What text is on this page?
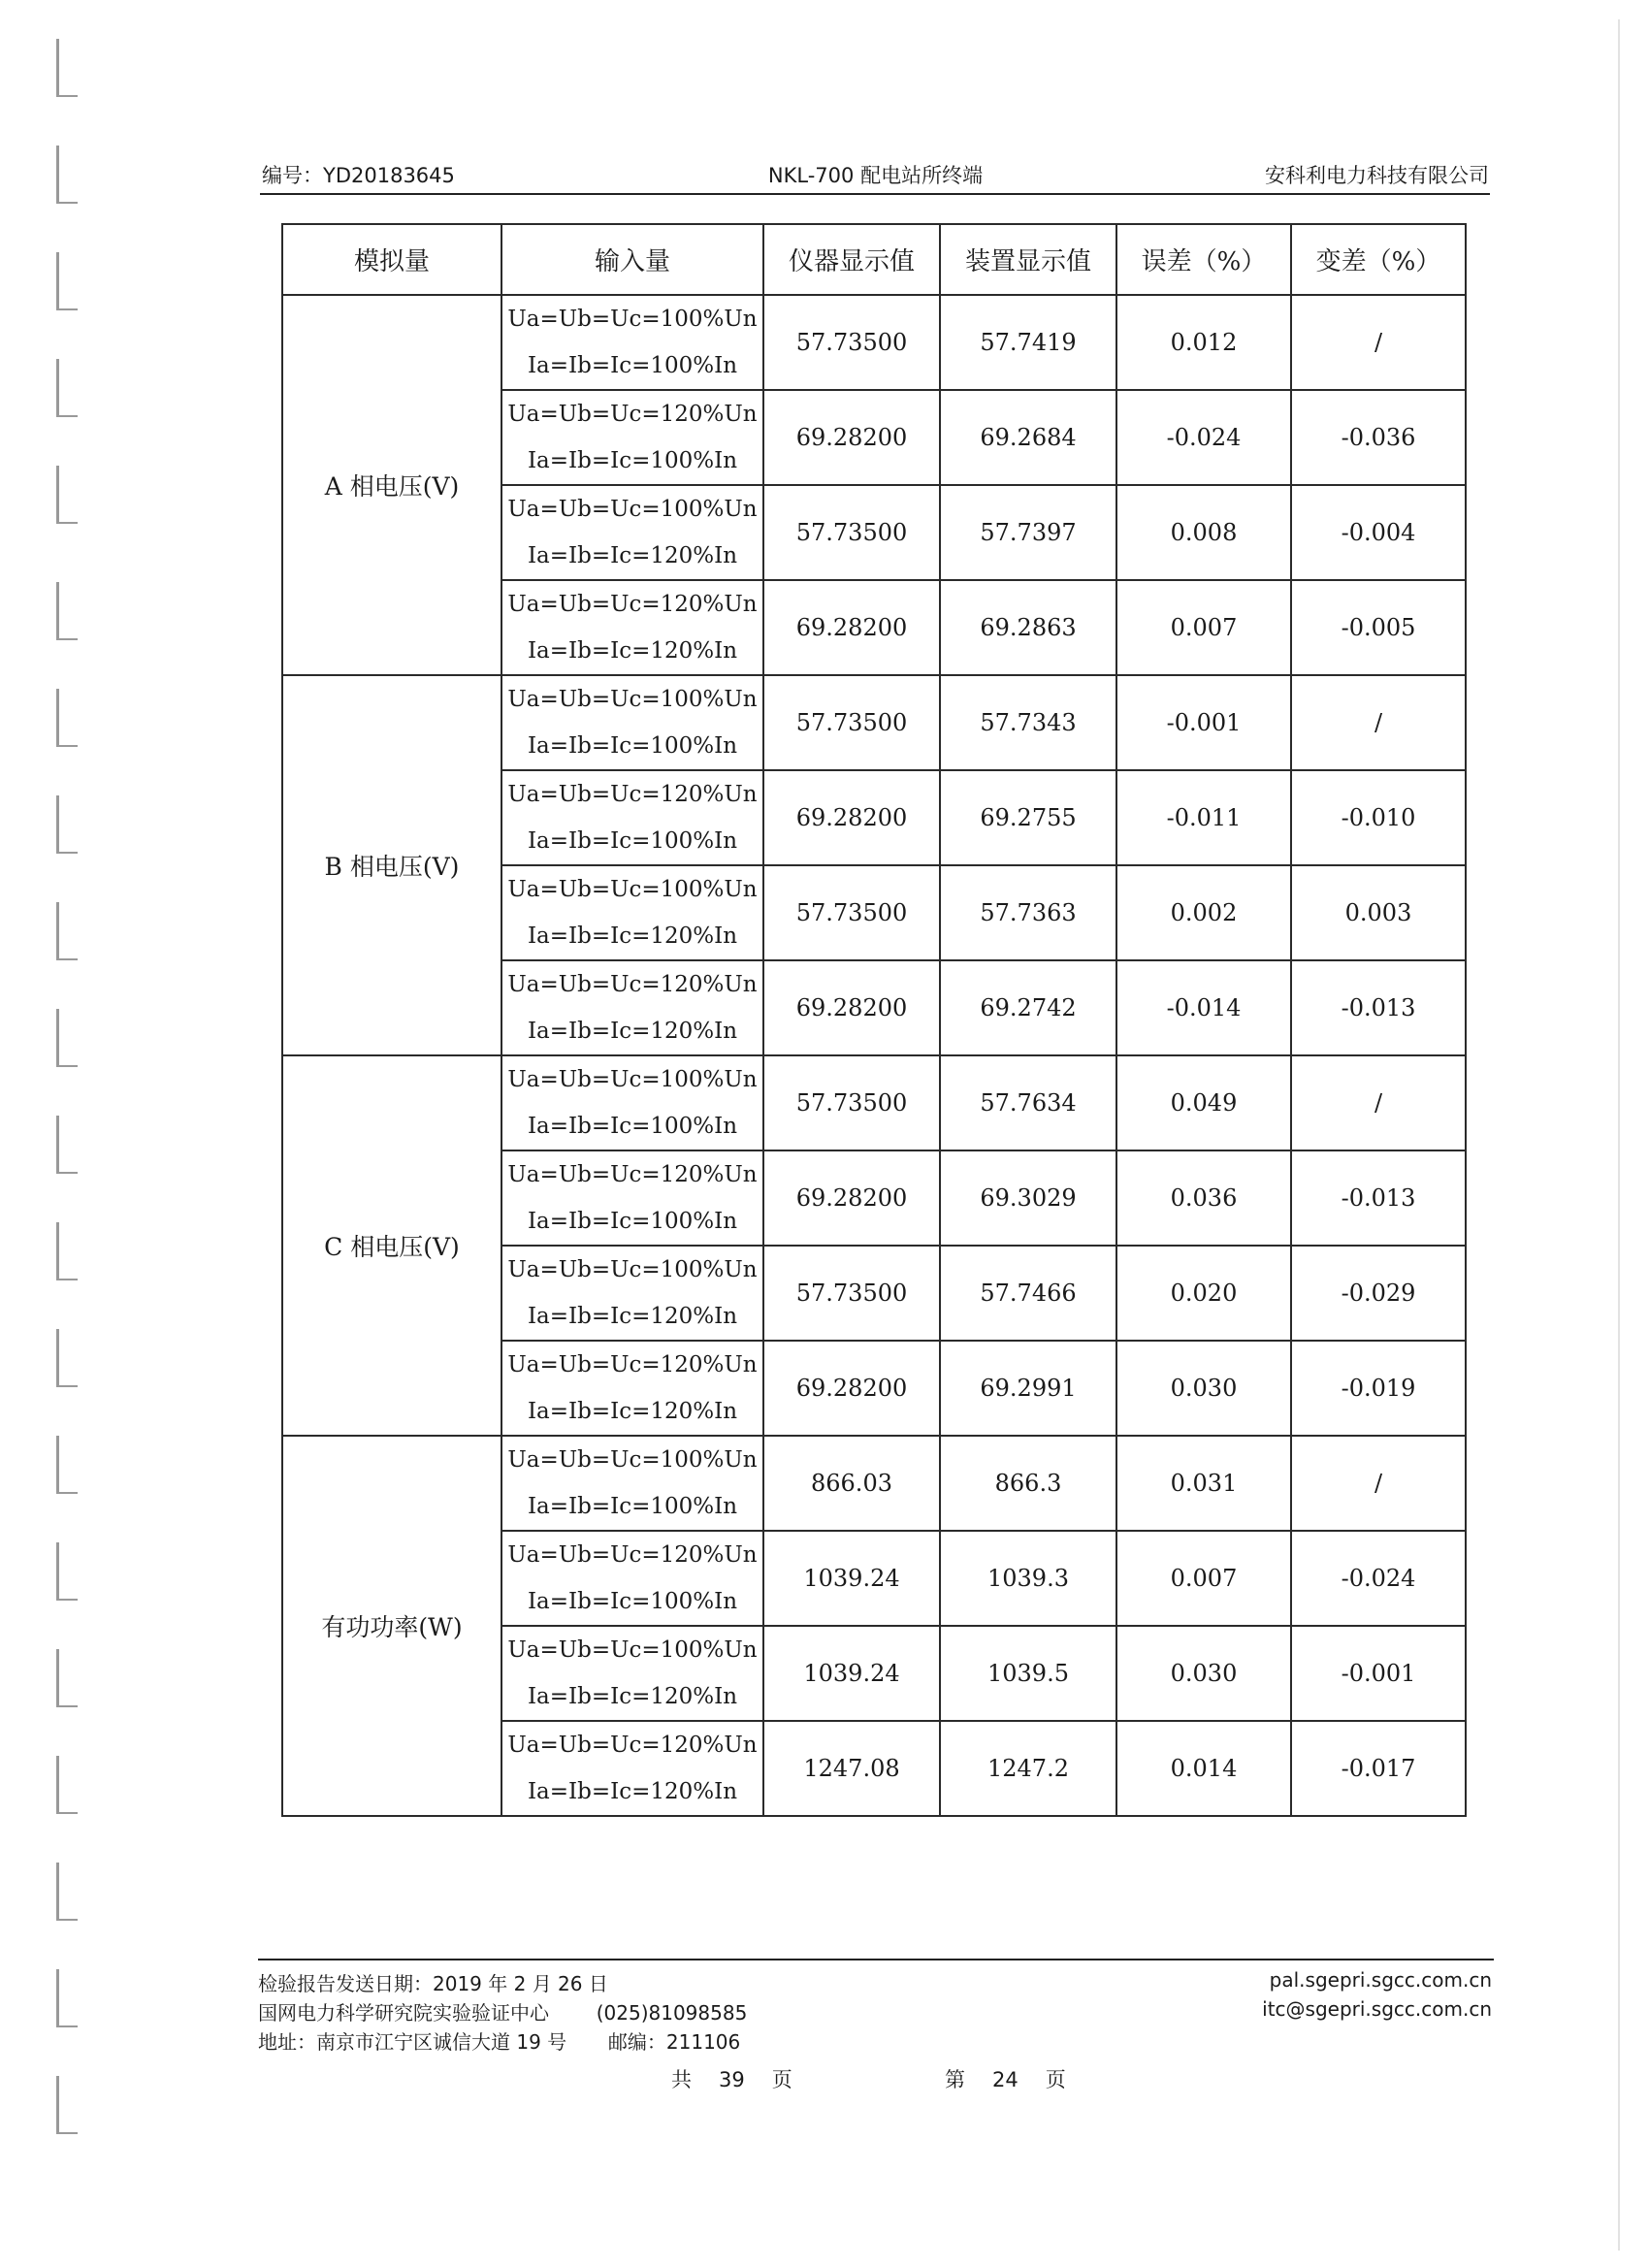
编号：YD20183645	NKL-700 配电站所终端	安科利电力科技有限公司
模拟量	输入量	仪器显示值	装置显示值	误差（%）	变差（%）
A 相电压(V)	Ua=Ub=Uc=100%Un
Ia=Ib=Ic=100%In	57.73500	57.7419	0.012	/

	Ua=Ub=Uc=120%Un
Ia=Ib=Ic=100%In	69.28200	69.2684	-0.024	-0.036

	Ua=Ub=Uc=100%Un
Ia=Ib=Ic=120%In	57.73500	57.7397	0.008	-0.004

	Ua=Ub=Uc=120%Un
Ia=Ib=Ic=120%In	69.28200	69.2863	0.007	-0.005
B 相电压(V)	Ua=Ub=Uc=100%Un
Ia=Ib=Ic=100%In	57.73500	57.7343	-0.001	/

	Ua=Ub=Uc=120%Un
Ia=Ib=Ic=100%In	69.28200	69.2755	-0.011	-0.010

	Ua=Ub=Uc=100%Un
Ia=Ib=Ic=120%In	57.73500	57.7363	0.002	0.003

	Ua=Ub=Uc=120%Un
Ia=Ib=Ic=120%In	69.28200	69.2742	-0.014	-0.013
C 相电压(V)	Ua=Ub=Uc=100%Un
Ia=Ib=Ic=100%In	57.73500	57.7634	0.049	/

	Ua=Ub=Uc=120%Un
Ia=Ib=Ic=100%In	69.28200	69.3029	0.036	-0.013

	Ua=Ub=Uc=100%Un
Ia=Ib=Ic=120%In	57.73500	57.7466	0.020	-0.029

	Ua=Ub=Uc=120%Un
Ia=Ib=Ic=120%In	69.28200	69.2991	0.030	-0.019
有功功率(W)	Ua=Ub=Uc=100%Un
Ia=Ib=Ic=100%In	866.03	866.3	0.031	/

	Ua=Ub=Uc=120%Un
Ia=Ib=Ic=100%In	1039.24	1039.3	0.007	-0.024

	Ua=Ub=Uc=100%Un
Ia=Ib=Ic=120%In	1039.24	1039.5	0.030	-0.001

	Ua=Ub=Uc=120%Un
Ia=Ib=Ic=120%In	1247.08	1247.2	0.014	-0.017
检验报告发送日期：2019 年 2 月 26 日
国网电力科学研究院实验验证中心 (025)81098585
地址：南京市江宁区诚信大道 19 号 邮编：211106
pal.sgepri.sgcc.com.cn
itc@sgepri.sgcc.com.cn
共 39 页	第 24 页
